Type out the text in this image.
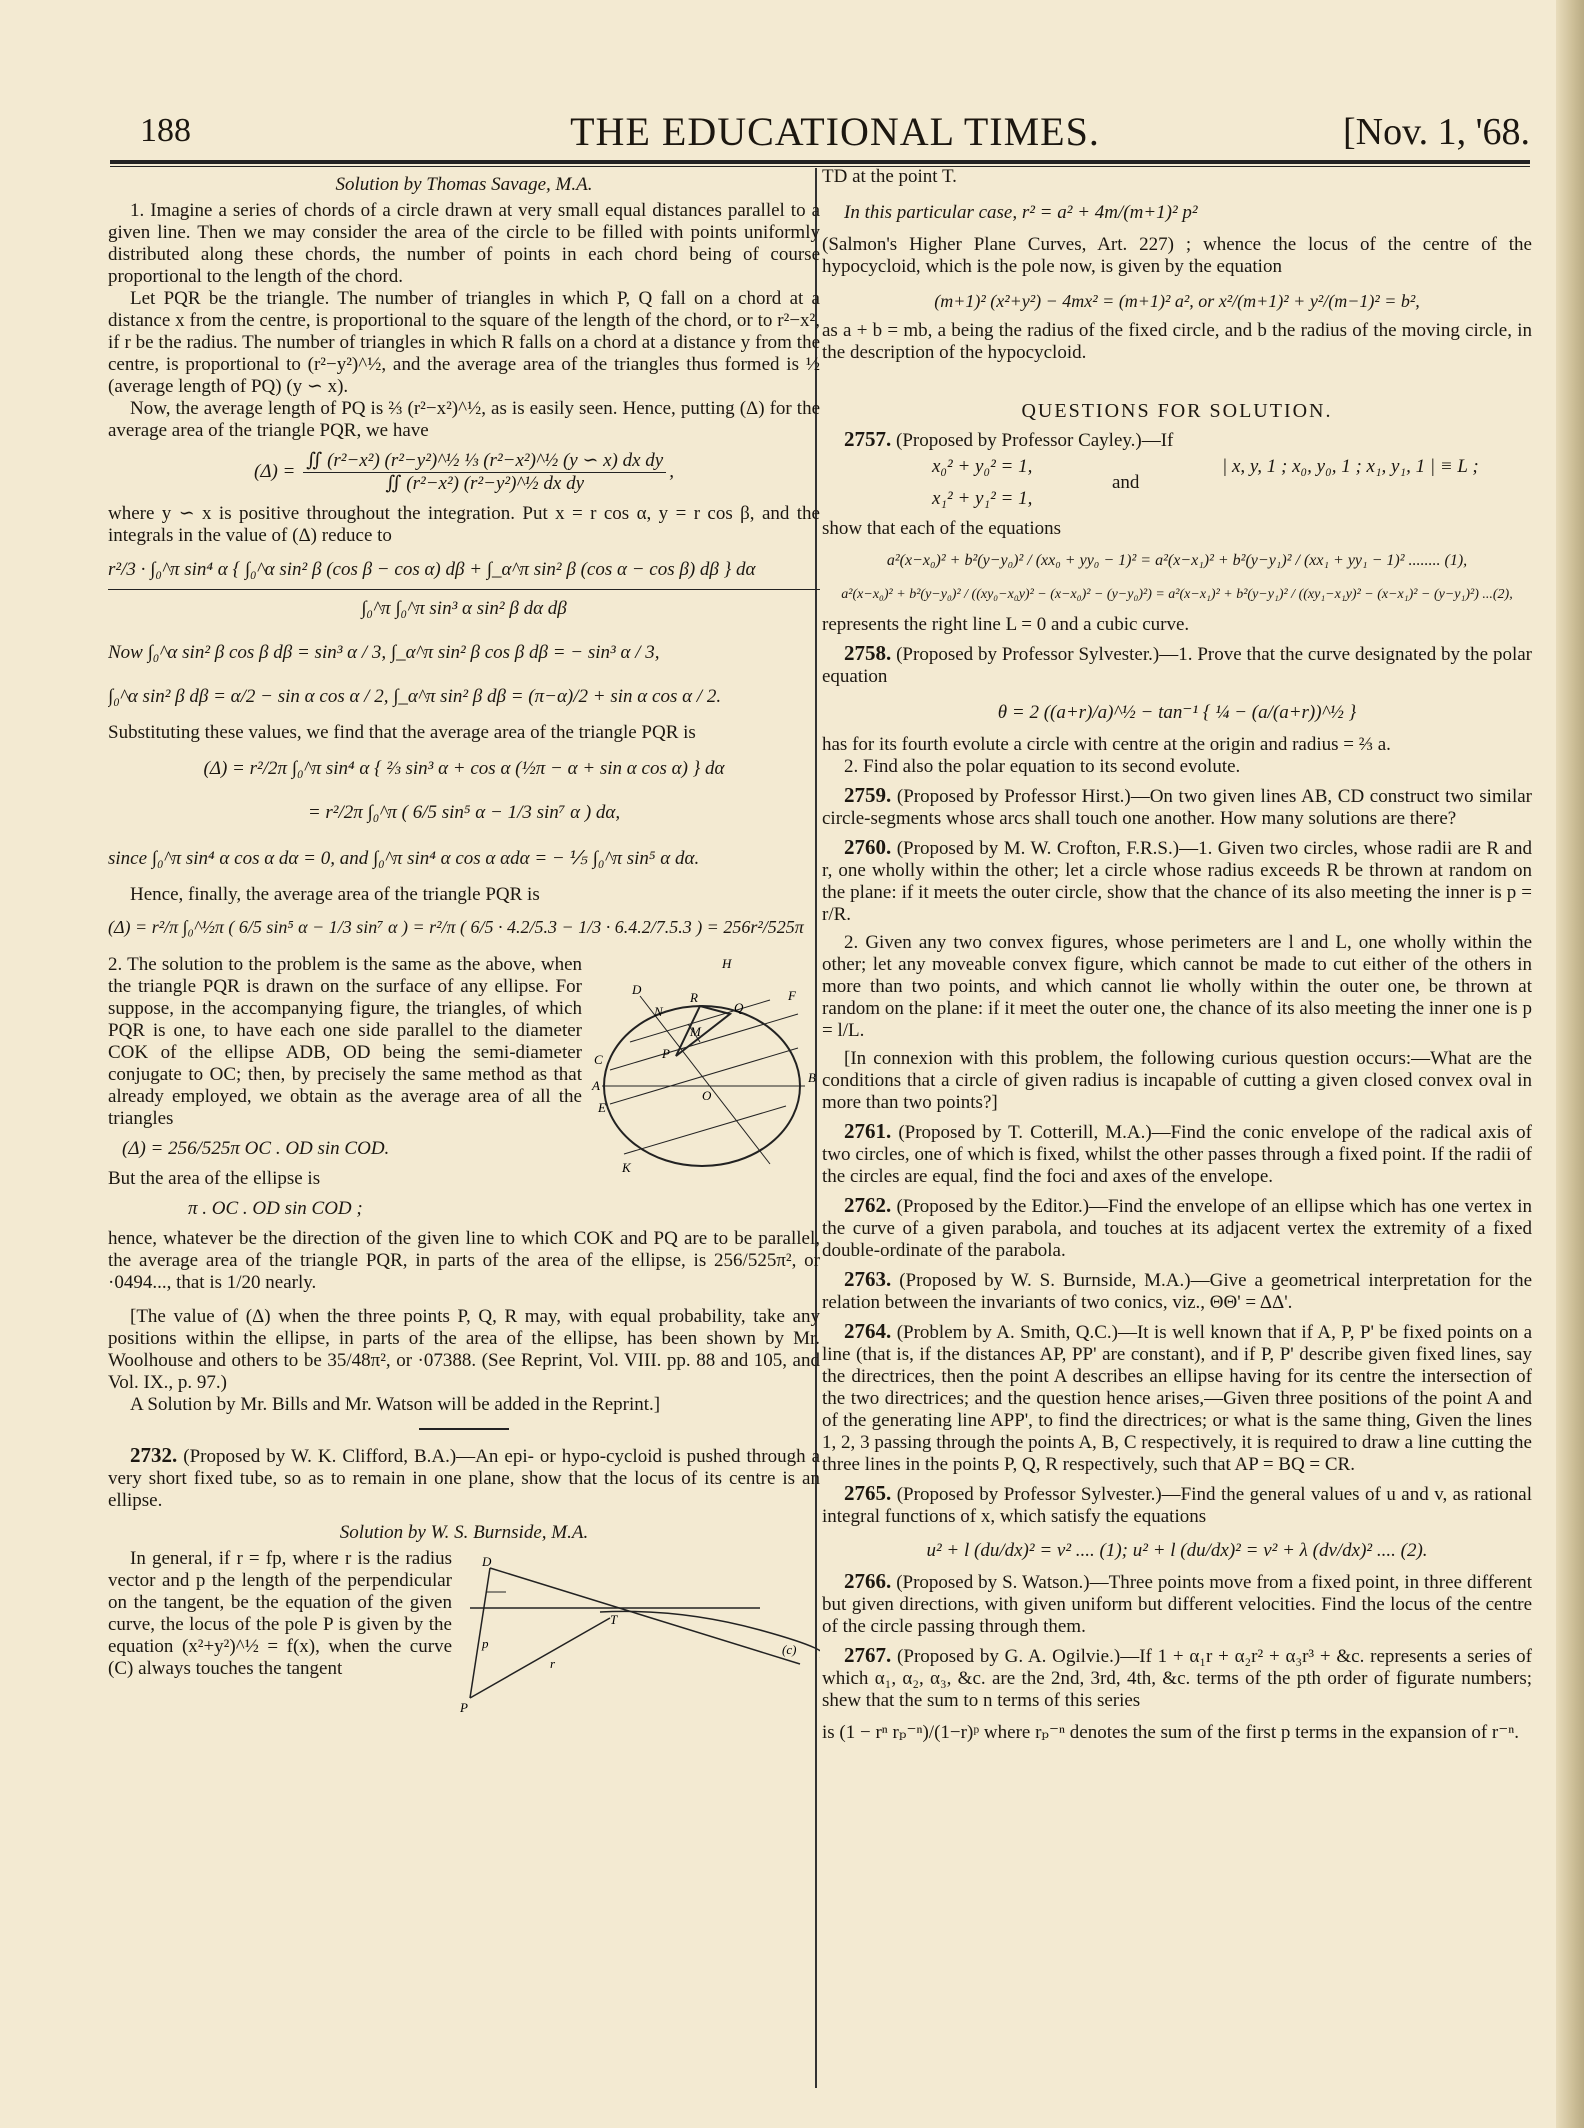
188	THE EDUCATIONAL TIMES.	[Nov. 1, '68.

Solution by Thomas Savage, M.A.

1. Imagine a series of chords of a circle drawn at very small equal distances parallel to a given line. Then we may consider the area of the circle to be filled with points uniformly distributed along these chords, the number of points in each chord being of course proportional to the length of the chord.

Let PQR be the triangle. The number of triangles in which P, Q fall on a chord at a distance x from the centre, is proportional to the square of the length of the chord, or to r²−x², if r be the radius. The number of triangles in which R falls on a chord at a distance y from the centre, is proportional to (r²−y²)^½, and the average area of the triangles thus formed is ½ (average length of PQ) (y ∽ x).

Now, the average length of PQ is ⅔ (r²−x²)^½, as is easily seen. Hence, putting (Δ) for the average area of the triangle PQR, we have

$(\Delta) = \frac{\text{∬ (r²−x²) (r²−y²)\textasciicircum{}½ ⅓ (r²−x²)\textasciicircum{}½ (y ∽ x) dx dy}}{\text{∬ (r²−x²) (r²−y²)\textasciicircum{}½ dx dy}}$ ,

where y ∽ x is positive throughout the integration. Put x = r cos α, y = r cos β, and the integrals in the value of (Δ) reduce to

r²/3 · ∫₀^π sin⁴ α { ∫₀^α sin² β (cos β − cos α) dβ + ∫_α^π sin² β (cos α − cos β) dβ } dα
∫₀^π ∫₀^π sin³ α sin² β dα dβ
Now ∫₀^α sin² β cos β dβ = sin³ α / 3, ∫_α^π sin² β cos β dβ = − sin³ α / 3,
∫₀^α sin² β dβ = α/2 − sin α cos α / 2, ∫_α^π sin² β dβ = (π−α)/2 + sin α cos α / 2.

Substituting these values, we find that the average area of the triangle PQR is

(Δ) = r²/2π ∫₀^π sin⁴ α { ⅔ sin³ α + cos α (½π − α + sin α cos α) } dα
= r²/2π ∫₀^π ( 6/5 sin⁵ α − 1/3 sin⁷ α ) dα,
since ∫₀^π sin⁴ α cos α dα = 0, and ∫₀^π sin⁴ α cos α αdα = − ⅕ ∫₀^π sin⁵ α dα.

Hence, finally, the average area of the triangle PQR is

(Δ) = r²/π ∫₀^½π ( 6/5 sin⁵ α − 1/3 sin⁷ α ) = r²/π ( 6/5 · 4.2/5.3 − 1/3 · 6.4.2/7.5.3 ) = 256r²/525π
H
D
R
Q
F
N
M
P
C
A
O
B
E
K

2. The solution to the problem is the same as the above, when the triangle PQR is drawn on the surface of any ellipse. For suppose, in the accompanying figure, the triangles, of which PQR is one, to have each one side parallel to the diameter COK of the ellipse ADB, OD being the semi-diameter conjugate to OC; then, by precisely the same method as that already employed, we obtain as the average area of all the triangles

(Δ) = 256/525π OC . OD sin COD.

But the area of the ellipse is

π . OC . OD sin COD ;

hence, whatever be the direction of the given line to which COK and PQ are to be parallel, the average area of the triangle PQR, in parts of the area of the ellipse, is 256/525π², or ·0494..., that is 1/20 nearly.

[The value of (Δ) when the three points P, Q, R may, with equal probability, take any positions within the ellipse, in parts of the area of the ellipse, has been shown by Mr. Woolhouse and others to be 35/48π², or ·07388. (See Reprint, Vol. VIII. pp. 88 and 105, and Vol. IX., p. 97.)

A Solution by Mr. Bills and Mr. Watson will be added in the Reprint.]

2732. (Proposed by W. K. Clifford, B.A.)—An epi- or hypo-cycloid is pushed through a very short fixed tube, so as to remain in one plane, show that the locus of its centre is an ellipse.

Solution by W. S. Burnside, M.A.

D
p
T
r
(c)
P

In general, if r = fp, where r is the radius vector and p the length of the perpendicular on the tangent, be the equation of the given curve, the locus of the pole P is given by the equation (x²+y²)^½ = f(x), when the curve (C) always touches the tangent

TD at the point T.

In this particular case, r² = a² + 4m/(m+1)² p²

(Salmon's Higher Plane Curves, Art. 227) ; whence the locus of the centre of the hypocycloid, which is the pole now, is given by the equation

(m+1)² (x²+y²) − 4mx² = (m+1)² a², or x²/(m+1)² + y²/(m−1)² = b²,

as a + b = mb, a being the radius of the fixed circle, and b the radius of the moving circle, in the description of the hypocycloid.

QUESTIONS FOR SOLUTION.

2757. (Proposed by Professor Cayley.)—If

x₀² + y₀² = 1,
x₁² + y₁² = 1,
and
| x, y, 1 ; x₀, y₀, 1 ; x₁, y₁, 1 | ≡ L ;

show that each of the equations

a²(x−x₀)² + b²(y−y₀)² / (xx₀ + yy₀ − 1)² = a²(x−x₁)² + b²(y−y₁)² / (xx₁ + yy₁ − 1)² ........ (1),
a²(x−x₀)² + b²(y−y₀)² / ((xy₀−x₀y)² − (x−x₀)² − (y−y₀)²) = a²(x−x₁)² + b²(y−y₁)² / ((xy₁−x₁y)² − (x−x₁)² − (y−y₁)²) ...(2),

represents the right line L = 0 and a cubic curve.

2758. (Proposed by Professor Sylvester.)—1. Prove that the curve designated by the polar equation

θ = 2 ((a+r)/a)^½ − tan⁻¹ { ¼ − (a/(a+r))^½ }

has for its fourth evolute a circle with centre at the origin and radius = ⅔ a.

2. Find also the polar equation to its second evolute.

2759. (Proposed by Professor Hirst.)—On two given lines AB, CD construct two similar circle-segments whose arcs shall touch one another. How many solutions are there?

2760. (Proposed by M. W. Crofton, F.R.S.)—1. Given two circles, whose radii are R and r, one wholly within the other; let a circle whose radius exceeds R be thrown at random on the plane: if it meets the outer circle, show that the chance of its also meeting the inner is p = r/R.

2. Given any two convex figures, whose perimeters are l and L, one wholly within the other; let any moveable convex figure, which cannot be made to cut either of the others in more than two points, and which cannot lie wholly within the outer one, be thrown at random on the plane: if it meet the outer one, the chance of its also meeting the inner one is p = l/L.

[In connexion with this problem, the following curious question occurs:—What are the conditions that a circle of given radius is incapable of cutting a given closed convex oval in more than two points?]

2761. (Proposed by T. Cotterill, M.A.)—Find the conic envelope of the radical axis of two circles, one of which is fixed, whilst the other passes through a fixed point. If the radii of the circles are equal, find the foci and axes of the envelope.

2762. (Proposed by the Editor.)—Find the envelope of an ellipse which has one vertex in the curve of a given parabola, and touches at its adjacent vertex the extremity of a fixed double-ordinate of the parabola.

2763. (Proposed by W. S. Burnside, M.A.)—Give a geometrical interpretation for the relation between the invariants of two conics, viz., ΘΘ' = ΔΔ'.

2764. (Problem by A. Smith, Q.C.)—It is well known that if A, P, P' be fixed points on a line (that is, if the distances AP, PP' are constant), and if P, P' describe given fixed lines, say the directrices, then the point A describes an ellipse having for its centre the intersection of the two directrices; and the question hence arises,—Given three positions of the point A and of the generating line APP', to find the directrices; or what is the same thing, Given the lines 1, 2, 3 passing through the points A, B, C respectively, it is required to draw a line cutting the three lines in the points P, Q, R respectively, such that AP = BQ = CR.

2765. (Proposed by Professor Sylvester.)—Find the general values of u and v, as rational integral functions of x, which satisfy the equations

u² + l (du/dx)² = v² .... (1); u² + l (du/dx)² = v² + λ (dv/dx)² .... (2).

2766. (Proposed by S. Watson.)—Three points move from a fixed point, in three different but given directions, with given uniform but different velocities. Find the locus of the centre of the circle passing through them.

2767. (Proposed by G. A. Ogilvie.)—If 1 + α₁r + α₂r² + α₃r³ + &c. represents a series of which α₁, α₂, α₃, &c. are the 2nd, 3rd, 4th, &c. terms of the pth order of figurate numbers; shew that the sum to n terms of this series

is (1 − rⁿ rₚ⁻ⁿ)/(1−r)ᵖ where rₚ⁻ⁿ denotes the sum of the first p terms in the expansion of r⁻ⁿ.
